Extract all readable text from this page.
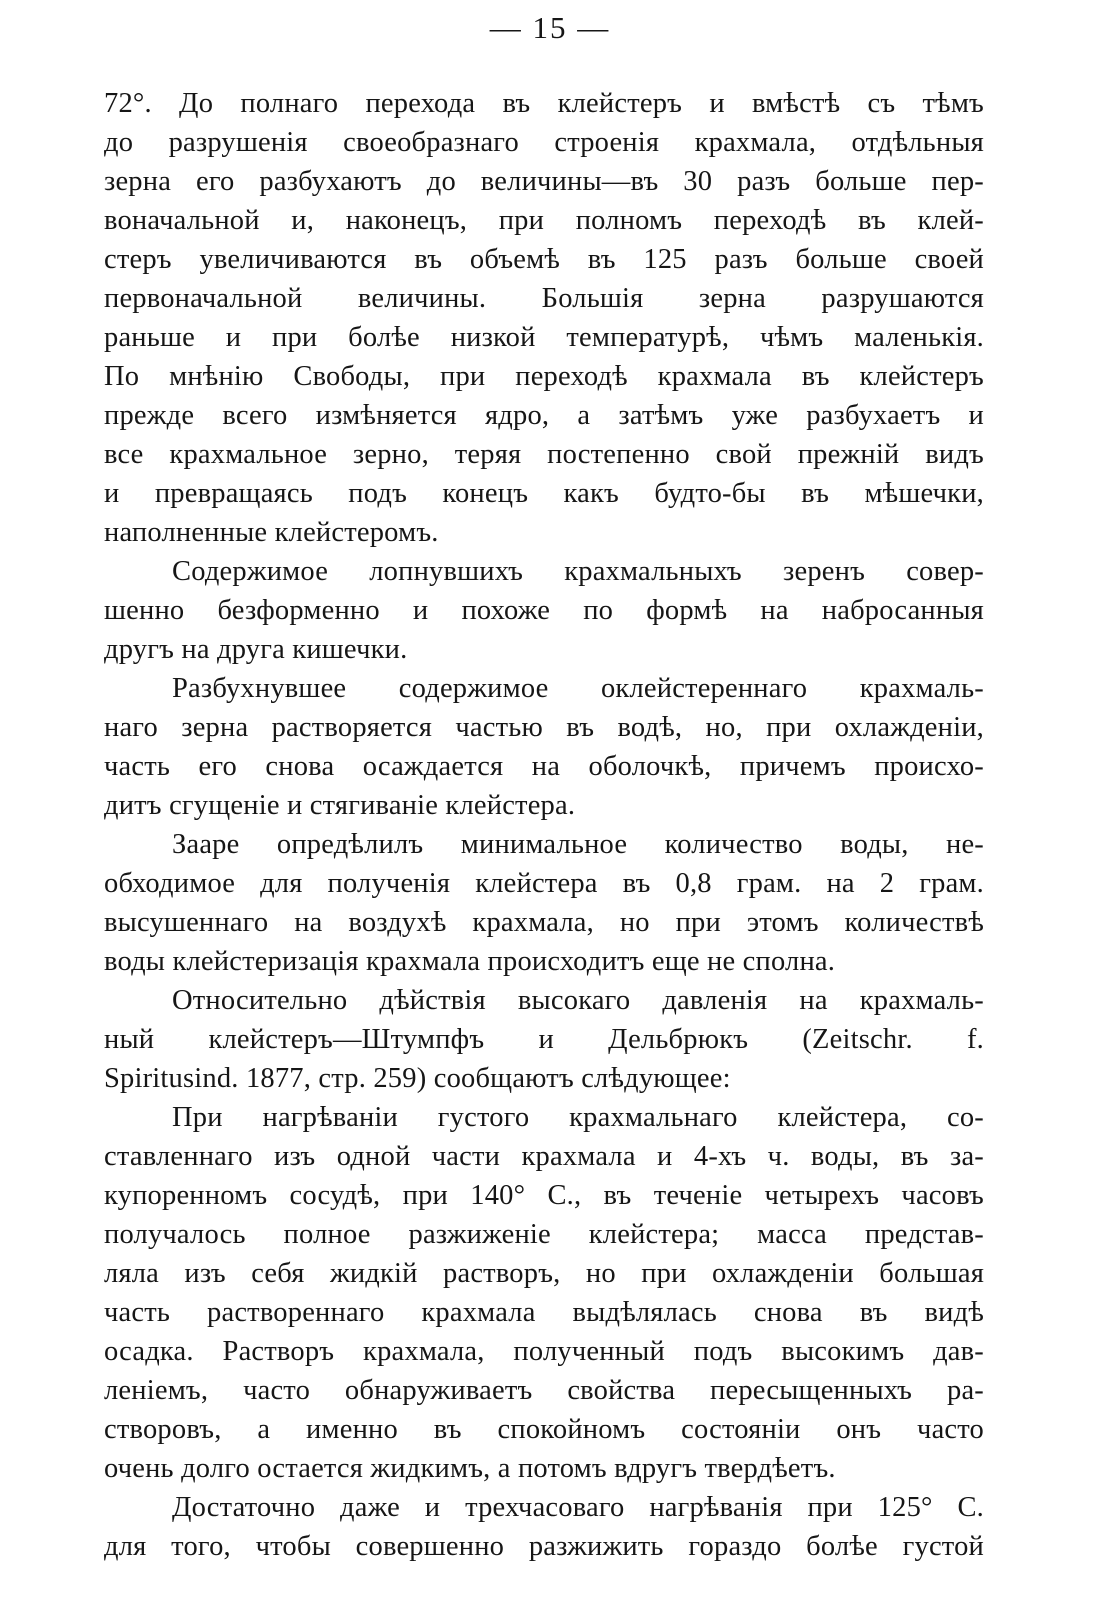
— 15 —
72°. До полнаго перехода въ клейстеръ и вмѣстѣ съ тѣмъ
до разрушенія своеобразнаго строенія крахмала, отдѣльныя
зерна его разбухаютъ до величины—въ 30 разъ больше пер-
воначальной и, наконецъ, при полномъ переходѣ въ клей-
стеръ увеличиваются въ объемѣ въ 125 разъ больше своей
первоначальной величины. Большія зерна разрушаются
раньше и при болѣе низкой температурѣ, чѣмъ маленькія.
По мнѣнію Свободы, при переходѣ крахмала въ клейстеръ
прежде всего измѣняется ядро, а затѣмъ уже разбухаетъ и
все крахмальное зерно, теряя постепенно свой прежній видъ
и превращаясь подъ конецъ какъ будто-бы въ мѣшечки,
наполненные клейстеромъ.
Содержимое лопнувшихъ крахмальныхъ зеренъ совер-
шенно безформенно и похоже по формѣ на набросанныя
другъ на друга кишечки.
Разбухнувшее содержимое оклейстереннаго крахмаль-
наго зерна растворяется частью въ водѣ, но, при охлажденіи,
часть его снова осаждается на оболочкѣ, причемъ происхо-
дитъ сгущеніе и стягиваніе клейстера.
Заарe опредѣлилъ минимальное количество воды, не-
обходимое для полученія клейстера въ 0,8 грам. на 2 грам.
высушеннаго на воздухѣ крахмала, но при этомъ количествѣ
воды клейстеризація крахмала происходитъ еще не сполна.
Относительно дѣйствія высокаго давленія на крахмаль-
ный клейстеръ—Штумпфъ и Дельбрюкъ (Zeitschr. f.
Spiritusind. 1877, стр. 259) сообщаютъ слѣдующее:
При нагрѣваніи густого крахмальнаго клейстера, со-
ставленнаго изъ одной части крахмала и 4-хъ ч. воды, въ за-
купоренномъ сосудѣ, при 140° С., въ теченіе четырехъ часовъ
получалось полное разжиженіе клейстера; масса представ-
ляла изъ себя жидкій растворъ, но при охлажденіи большая
часть раствореннаго крахмала выдѣлялась снова въ видѣ
осадка. Растворъ крахмала, полученный подъ высокимъ дав-
леніемъ, часто обнаруживаетъ свойства пересыщенныхъ ра-
створовъ, а именно въ спокойномъ состояніи онъ часто
очень долго остается жидкимъ, а потомъ вдругъ твердѣетъ.
Достаточно даже и трехчасоваго нагрѣванія при 125° С.
для того, чтобы совершенно разжижить гораздо болѣе густой
